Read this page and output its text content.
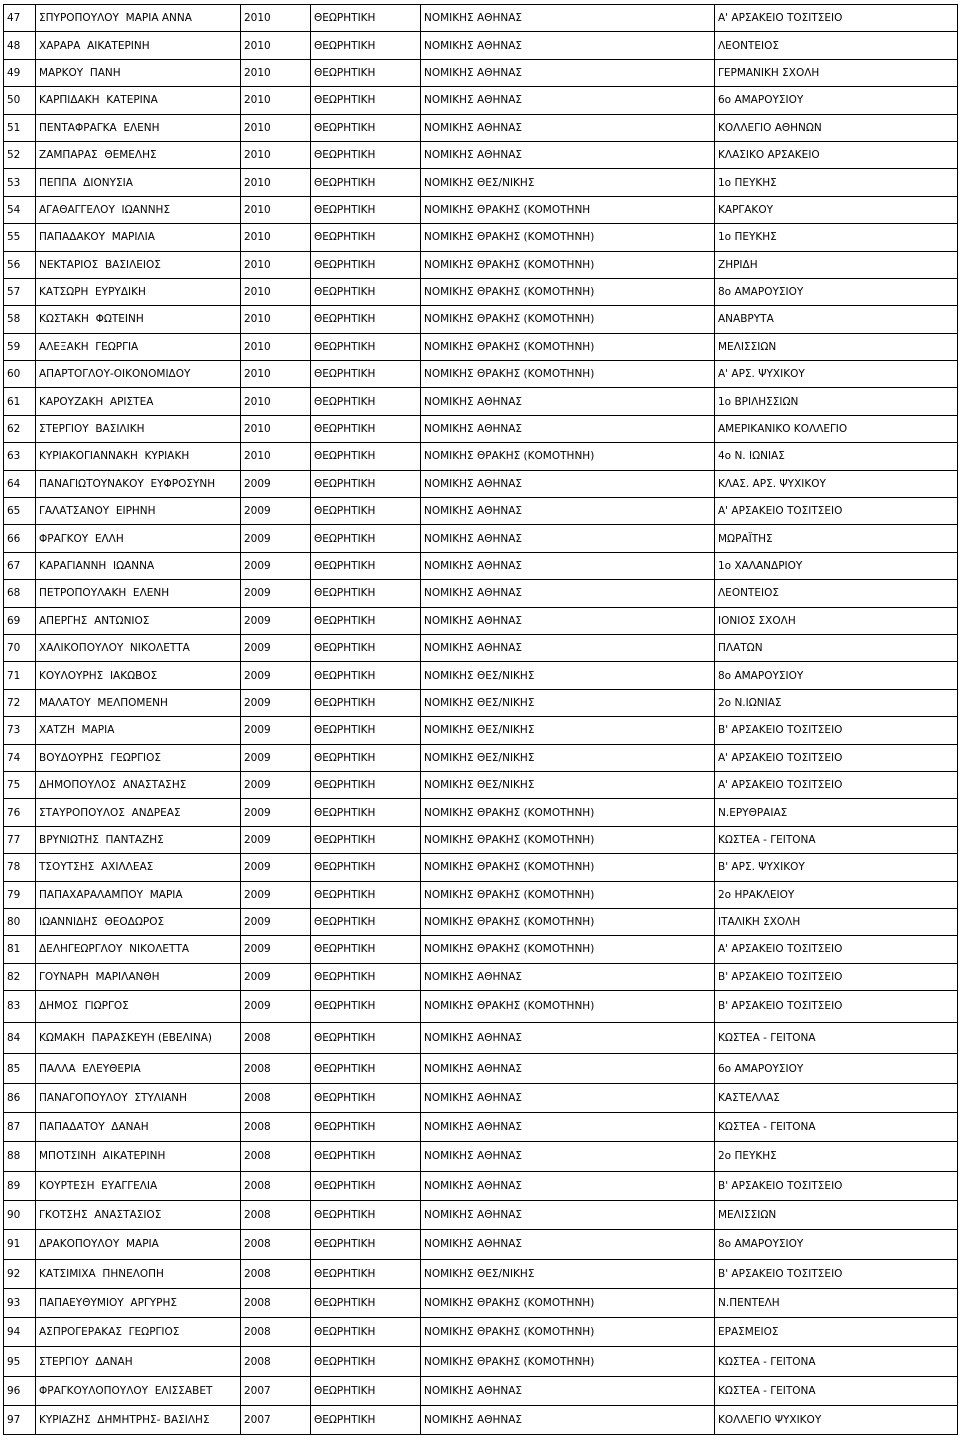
47	ΣΠΥΡΟΠΟΥΛΟΥ  ΜΑΡΙΑ ΑΝΝΑ	2010	ΘΕΩΡΗΤΙΚΗ	ΝΟΜΙΚΗΣ ΑΘΗΝΑΣ	Α' ΑΡΣΑΚΕΙΟ ΤΟΣΙΤΣΕΙΟ
48	ΧΑΡΑΡΑ  ΑΙΚΑΤΕΡΙΝΗ	2010	ΘΕΩΡΗΤΙΚΗ	ΝΟΜΙΚΗΣ ΑΘΗΝΑΣ	ΛΕΟΝΤΕΙΟΣ
49	ΜΑΡΚΟΥ  ΠΑΝΗ	2010	ΘΕΩΡΗΤΙΚΗ	ΝΟΜΙΚΗΣ ΑΘΗΝΑΣ	ΓΕΡΜΑΝΙΚΗ ΣΧΟΛΗ
50	ΚΑΡΠΙΔΑΚΗ  ΚΑΤΕΡΙΝΑ	2010	ΘΕΩΡΗΤΙΚΗ	ΝΟΜΙΚΗΣ ΑΘΗΝΑΣ	6ο ΑΜΑΡΟΥΣΙΟΥ
51	ΠΕΝΤΑΦΡΑΓΚΑ  ΕΛΕΝΗ	2010	ΘΕΩΡΗΤΙΚΗ	ΝΟΜΙΚΗΣ ΑΘΗΝΑΣ	ΚΟΛΛΕΓΙΟ ΑΘΗΝΩΝ
52	ΖΑΜΠΑΡΑΣ  ΘΕΜΕΛΗΣ	2010	ΘΕΩΡΗΤΙΚΗ	ΝΟΜΙΚΗΣ ΑΘΗΝΑΣ	ΚΛΑΣΙΚΟ ΑΡΣΑΚΕΙΟ
53	ΠΕΠΠΑ  ΔΙΟΝΥΣΙΑ	2010	ΘΕΩΡΗΤΙΚΗ	ΝΟΜΙΚΗΣ ΘΕΣ/ΝΙΚΗΣ	1ο ΠΕΥΚΗΣ
54	ΑΓΑΘΑΓΓΕΛΟΥ  ΙΩΑΝΝΗΣ	2010	ΘΕΩΡΗΤΙΚΗ	ΝΟΜΙΚΗΣ ΘΡΑΚΗΣ (ΚΟΜΟΤΗΝΗ	ΚΑΡΓΑΚΟΥ
55	ΠΑΠΑΔΑΚΟΥ  ΜΑΡΙΛΙΑ	2010	ΘΕΩΡΗΤΙΚΗ	ΝΟΜΙΚΗΣ ΘΡΑΚΗΣ (ΚΟΜΟΤΗΝΗ)	1ο ΠΕΥΚΗΣ
56	ΝΕΚΤΑΡΙΟΣ  ΒΑΣΙΛΕΙΟΣ	2010	ΘΕΩΡΗΤΙΚΗ	ΝΟΜΙΚΗΣ ΘΡΑΚΗΣ (ΚΟΜΟΤΗΝΗ)	ΖΗΡΙΔΗ
57	ΚΑΤΣΩΡΗ  ΕΥΡΥΔΙΚΗ	2010	ΘΕΩΡΗΤΙΚΗ	ΝΟΜΙΚΗΣ ΘΡΑΚΗΣ (ΚΟΜΟΤΗΝΗ)	8ο ΑΜΑΡΟΥΣΙΟΥ
58	ΚΩΣΤΑΚΗ  ΦΩΤΕΙΝΗ	2010	ΘΕΩΡΗΤΙΚΗ	ΝΟΜΙΚΗΣ ΘΡΑΚΗΣ (ΚΟΜΟΤΗΝΗ)	ΑΝΑΒΡΥΤΑ
59	ΑΛΕΞΑΚΗ  ΓΕΩΡΓΙΑ	2010	ΘΕΩΡΗΤΙΚΗ	ΝΟΜΙΚΗΣ ΘΡΑΚΗΣ (ΚΟΜΟΤΗΝΗ)	ΜΕΛΙΣΣΙΩΝ
60	ΑΠΑΡΤΟΓΛΟΥ-ΟΙΚΟΝΟΜΙΔΟΥ	2010	ΘΕΩΡΗΤΙΚΗ	ΝΟΜΙΚΗΣ ΘΡΑΚΗΣ (ΚΟΜΟΤΗΝΗ)	Α' ΑΡΣ. ΨΥΧΙΚΟΥ
61	ΚΑΡΟΥΖΑΚΗ  ΑΡΙΣΤΕΑ	2010	ΘΕΩΡΗΤΙΚΗ	ΝΟΜΙΚΗΣ ΑΘΗΝΑΣ	1ο ΒΡΙΛΗΣΣΙΩΝ
62	ΣΤΕΡΓΙΟΥ  ΒΑΣΙΛΙΚΗ	2010	ΘΕΩΡΗΤΙΚΗ	ΝΟΜΙΚΗΣ ΑΘΗΝΑΣ	ΑΜΕΡΙΚΑΝΙΚΟ ΚΟΛΛΕΓΙΟ
63	ΚΥΡΙΑΚΟΓΙΑΝΝΑΚΗ  ΚΥΡΙΑΚΗ	2010	ΘΕΩΡΗΤΙΚΗ	ΝΟΜΙΚΗΣ ΘΡΑΚΗΣ (ΚΟΜΟΤΗΝΗ)	4ο Ν. ΙΩΝΙΑΣ
64	ΠΑΝΑΓΙΩΤΟΥΝΑΚΟΥ  ΕΥΦΡΟΣΥΝΗ	2009	ΘΕΩΡΗΤΙΚΗ	ΝΟΜΙΚΗΣ ΑΘΗΝΑΣ	ΚΛΑΣ. ΑΡΣ. ΨΥΧΙΚΟΥ
65	ΓΑΛΑΤΣΑΝΟΥ  ΕΙΡΗΝΗ	2009	ΘΕΩΡΗΤΙΚΗ	ΝΟΜΙΚΗΣ ΑΘΗΝΑΣ	Α' ΑΡΣΑΚΕΙΟ ΤΟΣΙΤΣΕΙΟ
66	ΦΡΑΓΚΟΥ  ΕΛΛΗ	2009	ΘΕΩΡΗΤΙΚΗ	ΝΟΜΙΚΗΣ ΑΘΗΝΑΣ	ΜΩΡΑΪΤΗΣ
67	ΚΑΡΑΓΙΑΝΝΗ  ΙΩΑΝΝΑ	2009	ΘΕΩΡΗΤΙΚΗ	ΝΟΜΙΚΗΣ ΑΘΗΝΑΣ	1ο ΧΑΛΑΝΔΡΙΟΥ
68	ΠΕΤΡΟΠΟΥΛΑΚΗ  ΕΛΕΝΗ	2009	ΘΕΩΡΗΤΙΚΗ	ΝΟΜΙΚΗΣ ΑΘΗΝΑΣ	ΛΕΟΝΤΕΙΟΣ
69	ΑΠΕΡΓΗΣ  ΑΝΤΩΝΙΟΣ	2009	ΘΕΩΡΗΤΙΚΗ	ΝΟΜΙΚΗΣ ΑΘΗΝΑΣ	ΙΟΝΙΟΣ ΣΧΟΛΗ
70	ΧΑΛΙΚΟΠΟΥΛΟΥ  ΝΙΚΟΛΕΤΤΑ	2009	ΘΕΩΡΗΤΙΚΗ	ΝΟΜΙΚΗΣ ΑΘΗΝΑΣ	ΠΛΑΤΩΝ
71	ΚΟΥΛΟΥΡΗΣ  ΙΑΚΩΒΟΣ	2009	ΘΕΩΡΗΤΙΚΗ	ΝΟΜΙΚΗΣ ΘΕΣ/ΝΙΚΗΣ	8ο ΑΜΑΡΟΥΣΙΟΥ
72	ΜΑΛΑΤΟΥ  ΜΕΛΠΟΜΕΝΗ	2009	ΘΕΩΡΗΤΙΚΗ	ΝΟΜΙΚΗΣ ΘΕΣ/ΝΙΚΗΣ	2ο Ν.ΙΩΝΙΑΣ
73	ΧΑΤΖΗ  ΜΑΡΙΑ	2009	ΘΕΩΡΗΤΙΚΗ	ΝΟΜΙΚΗΣ ΘΕΣ/ΝΙΚΗΣ	Β' ΑΡΣΑΚΕΙΟ ΤΟΣΙΤΣΕΙΟ
74	ΒΟΥΔΟΥΡΗΣ  ΓΕΩΡΓΙΟΣ	2009	ΘΕΩΡΗΤΙΚΗ	ΝΟΜΙΚΗΣ ΘΕΣ/ΝΙΚΗΣ	Α' ΑΡΣΑΚΕΙΟ ΤΟΣΙΤΣΕΙΟ
75	ΔΗΜΟΠΟΥΛΟΣ  ΑΝΑΣΤΑΣΗΣ	2009	ΘΕΩΡΗΤΙΚΗ	ΝΟΜΙΚΗΣ ΘΕΣ/ΝΙΚΗΣ	Α' ΑΡΣΑΚΕΙΟ ΤΟΣΙΤΣΕΙΟ
76	ΣΤΑΥΡΟΠΟΥΛΟΣ  ΑΝΔΡΕΑΣ	2009	ΘΕΩΡΗΤΙΚΗ	ΝΟΜΙΚΗΣ ΘΡΑΚΗΣ (ΚΟΜΟΤΗΝΗ)	Ν.ΕΡΥΘΡΑΙΑΣ
77	ΒΡΥΝΙΩΤΗΣ  ΠΑΝΤΑΖΗΣ	2009	ΘΕΩΡΗΤΙΚΗ	ΝΟΜΙΚΗΣ ΘΡΑΚΗΣ (ΚΟΜΟΤΗΝΗ)	ΚΩΣΤΕΑ - ΓΕΙΤΟΝΑ
78	ΤΣΟΥΤΣΗΣ  ΑΧΙΛΛΕΑΣ	2009	ΘΕΩΡΗΤΙΚΗ	ΝΟΜΙΚΗΣ ΘΡΑΚΗΣ (ΚΟΜΟΤΗΝΗ)	Β' ΑΡΣ. ΨΥΧΙΚΟΥ
79	ΠΑΠΑΧΑΡΑΛΑΜΠΟΥ  ΜΑΡΙΑ	2009	ΘΕΩΡΗΤΙΚΗ	ΝΟΜΙΚΗΣ ΘΡΑΚΗΣ (ΚΟΜΟΤΗΝΗ)	2ο ΗΡΑΚΛΕΙΟΥ
80	ΙΩΑΝΝΙΔΗΣ  ΘΕΟΔΩΡΟΣ	2009	ΘΕΩΡΗΤΙΚΗ	ΝΟΜΙΚΗΣ ΘΡΑΚΗΣ (ΚΟΜΟΤΗΝΗ)	ΙΤΑΛΙΚΗ ΣΧΟΛΗ
81	ΔΕΛΗΓΕΩΡΓΛΟΥ  ΝΙΚΟΛΕΤΤΑ	2009	ΘΕΩΡΗΤΙΚΗ	ΝΟΜΙΚΗΣ ΘΡΑΚΗΣ (ΚΟΜΟΤΗΝΗ)	Α' ΑΡΣΑΚΕΙΟ ΤΟΣΙΤΣΕΙΟ
82	ΓΟΥΝΑΡΗ  ΜΑΡΙΛΑΝΘΗ	2009	ΘΕΩΡΗΤΙΚΗ	ΝΟΜΙΚΗΣ ΑΘΗΝΑΣ	Β' ΑΡΣΑΚΕΙΟ ΤΟΣΙΤΣΕΙΟ
83	ΔΗΜΟΣ  ΓΙΩΡΓΟΣ	2009	ΘΕΩΡΗΤΙΚΗ	ΝΟΜΙΚΗΣ ΘΡΑΚΗΣ (ΚΟΜΟΤΗΝΗ)	Β' ΑΡΣΑΚΕΙΟ ΤΟΣΙΤΣΕΙΟ
84	ΚΩΜΑΚΗ  ΠΑΡΑΣΚΕΥΗ (ΕΒΕΛΙΝΑ)	2008	ΘΕΩΡΗΤΙΚΗ	ΝΟΜΙΚΗΣ ΑΘΗΝΑΣ	ΚΩΣΤΕΑ - ΓΕΙΤΟΝΑ
85	ΠΑΛΛΑ  ΕΛΕΥΘΕΡΙΑ	2008	ΘΕΩΡΗΤΙΚΗ	ΝΟΜΙΚΗΣ ΑΘΗΝΑΣ	6ο ΑΜΑΡΟΥΣΙΟΥ
86	ΠΑΝΑΓΟΠΟΥΛΟΥ  ΣΤΥΛΙΑΝΗ	2008	ΘΕΩΡΗΤΙΚΗ	ΝΟΜΙΚΗΣ ΑΘΗΝΑΣ	ΚΑΣΤΕΛΛΑΣ
87	ΠΑΠΑΔΑΤΟΥ  ΔΑΝΑΗ	2008	ΘΕΩΡΗΤΙΚΗ	ΝΟΜΙΚΗΣ ΑΘΗΝΑΣ	ΚΩΣΤΕΑ - ΓΕΙΤΟΝΑ
88	ΜΠΟΤΣΙΝΗ  ΑΙΚΑΤΕΡΙΝΗ	2008	ΘΕΩΡΗΤΙΚΗ	ΝΟΜΙΚΗΣ ΑΘΗΝΑΣ	2ο ΠΕΥΚΗΣ
89	ΚΟΥΡΤΕΣΗ  ΕΥΑΓΓΕΛΙΑ	2008	ΘΕΩΡΗΤΙΚΗ	ΝΟΜΙΚΗΣ ΑΘΗΝΑΣ	Β' ΑΡΣΑΚΕΙΟ ΤΟΣΙΤΣΕΙΟ
90	ΓΚΟΤΣΗΣ  ΑΝΑΣΤΑΣΙΟΣ	2008	ΘΕΩΡΗΤΙΚΗ	ΝΟΜΙΚΗΣ ΑΘΗΝΑΣ	ΜΕΛΙΣΣΙΩΝ
91	ΔΡΑΚΟΠΟΥΛΟΥ  ΜΑΡΙΑ	2008	ΘΕΩΡΗΤΙΚΗ	ΝΟΜΙΚΗΣ ΑΘΗΝΑΣ	8ο ΑΜΑΡΟΥΣΙΟΥ
92	ΚΑΤΣΙΜΙΧΑ  ΠΗΝΕΛΟΠΗ	2008	ΘΕΩΡΗΤΙΚΗ	ΝΟΜΙΚΗΣ ΘΕΣ/ΝΙΚΗΣ	Β' ΑΡΣΑΚΕΙΟ ΤΟΣΙΤΣΕΙΟ
93	ΠΑΠΑΕΥΘΥΜΙΟΥ  ΑΡΓΥΡΗΣ	2008	ΘΕΩΡΗΤΙΚΗ	ΝΟΜΙΚΗΣ ΘΡΑΚΗΣ (ΚΟΜΟΤΗΝΗ)	Ν.ΠΕΝΤΕΛΗ
94	ΑΣΠΡΟΓΕΡΑΚΑΣ  ΓΕΩΡΓΙΟΣ	2008	ΘΕΩΡΗΤΙΚΗ	ΝΟΜΙΚΗΣ ΘΡΑΚΗΣ (ΚΟΜΟΤΗΝΗ)	ΕΡΑΣΜΕΙΟΣ
95	ΣΤΕΡΓΙΟΥ  ΔΑΝΑΗ	2008	ΘΕΩΡΗΤΙΚΗ	ΝΟΜΙΚΗΣ ΘΡΑΚΗΣ (ΚΟΜΟΤΗΝΗ)	ΚΩΣΤΕΑ - ΓΕΙΤΟΝΑ
96	ΦΡΑΓΚΟΥΛΟΠΟΥΛΟΥ  ΕΛΙΣΣΑΒΕΤ	2007	ΘΕΩΡΗΤΙΚΗ	ΝΟΜΙΚΗΣ ΑΘΗΝΑΣ	ΚΩΣΤΕΑ - ΓΕΙΤΟΝΑ
97	ΚΥΡΙΑΖΗΣ  ΔΗΜΗΤΡΗΣ- ΒΑΣΙΛΗΣ	2007	ΘΕΩΡΗΤΙΚΗ	ΝΟΜΙΚΗΣ ΑΘΗΝΑΣ	ΚΟΛΛΕΓΙΟ ΨΥΧΙΚΟΥ
